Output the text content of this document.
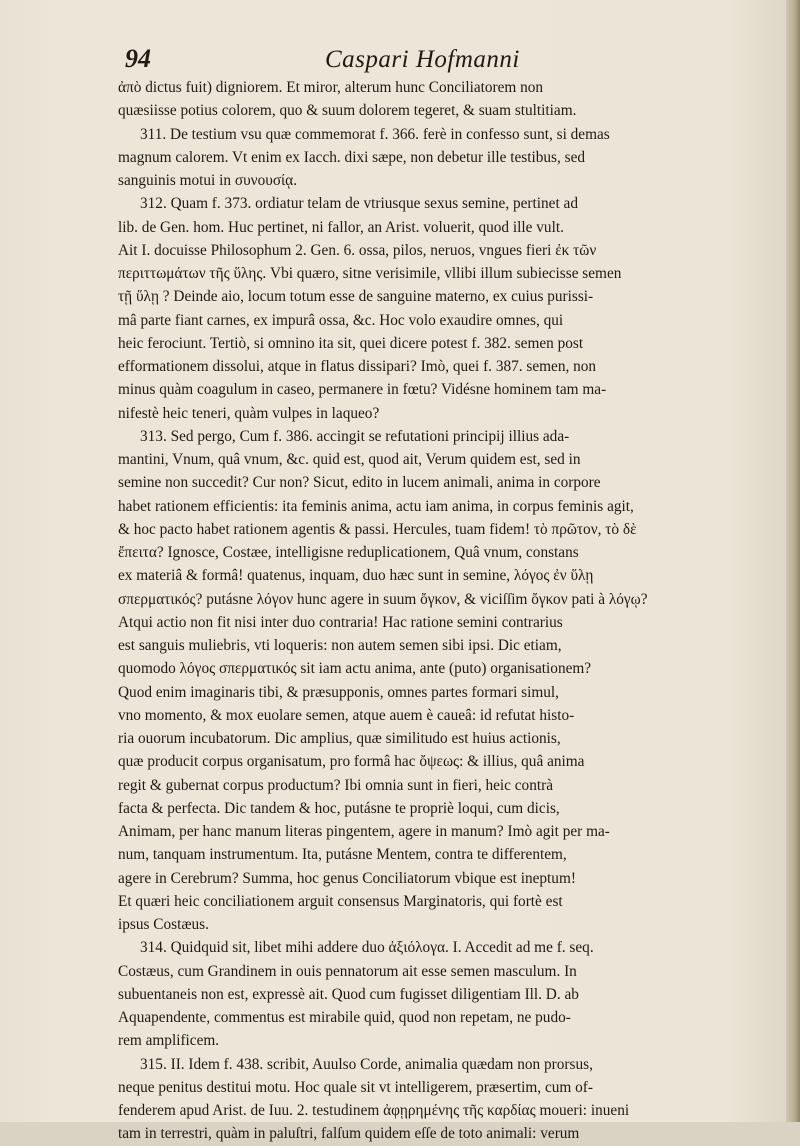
94	Caspari Hofmanni
ἀπὸ dictus fuit) digniorem. Et miror, alterum hunc Conciliatorem non
quæsiisse potius colorem, quo & suum dolorem tegeret, & suam stultitiam.
311. De testium vsu quæ commemorat f. 366. ferè in confesso sunt, si demas
magnum calorem. Vt enim ex Iacch. dixi sæpe, non debetur ille testibus, sed
sanguinis motui in συνουσίᾳ.
312. Quam f. 373. ordiatur telam de vtriusque sexus semine, pertinet ad
lib. de Gen. hom. Huc pertinet, ni fallor, an Arist. voluerit, quod ille vult.
Ait I. docuisse Philosophum 2. Gen. 6. ossa, pilos, neruos, vngues fieri ἐκ τῶν
περιττωμάτων τῆς ὕλης. Vbi quæro, sitne verisimile, vllibi illum subiecisse semen
τῇ ὕλῃ ? Deinde aio, locum totum esse de sanguine materno, ex cuius purissi-
mâ parte fiant carnes, ex impurâ ossa, &c. Hoc volo exaudire omnes, qui
heic ferociunt. Tertiò, si omnino ita sit, quei dicere potest f. 382. semen post
efformationem dissolui, atque in flatus dissipari? Imò, quei f. 387. semen, non
minus quàm coagulum in caseo, permanere in fœtu? Vidésne hominem tam ma-
nifestè heic teneri, quàm vulpes in laqueo?
313. Sed pergo, Cum f. 386. accingit se refutationi principij illius ada-
mantini, Vnum, quâ vnum, &c. quid est, quod ait, Verum quidem est, sed in
semine non succedit? Cur non? Sicut, edito in lucem animali, anima in corpore
habet rationem efficientis: ita feminis anima, actu iam anima, in corpus feminis agit,
& hoc pacto habet rationem agentis & passi. Hercules, tuam fidem! τὸ πρῶτον, τὸ δὲ
ἔπειτα? Ignosce, Costæe, intelligisne reduplicationem, Quâ vnum, constans
ex materiâ & formâ! quatenus, inquam, duo hæc sunt in semine, λόγος ἐν ὕλῃ
σπερματικός? putásne λόγον hunc agere in suum ὄγκον, & viciſſim ὄγκον pati à λόγῳ?
Atqui actio non fit nisi inter duo contraria! Hac ratione semini contrarius
est sanguis muliebris, vti loqueris: non autem semen sibi ipsi. Dic etiam,
quomodo λόγος σπερματικός sit iam actu anima, ante (puto) organisationem?
Quod enim imaginaris tibi, & præsupponis, omnes partes formari simul,
vno momento, & mox euolare semen, atque auem è caueâ: id refutat histo-
ria ouorum incubatorum. Dic amplius, quæ similitudo est huius actionis,
quæ producit corpus organisatum, pro formâ hac ὄψεως: & illius, quâ anima
regit & gubernat corpus productum? Ibi omnia sunt in fieri, heic contrà
facta & perfecta. Dic tandem & hoc, putásne te propriè loqui, cum dicis,
Animam, per hanc manum literas pingentem, agere in manum? Imò agit per ma-
num, tanquam instrumentum. Ita, putásne Mentem, contra te differentem,
agere in Cerebrum? Summa, hoc genus Conciliatorum vbique est ineptum!
Et quæri heic conciliationem arguit consensus Marginatoris, qui fortè est
ipsus Costæus.
314. Quidquid sit, libet mihi addere duo ἀξιόλογα. I. Accedit ad me f. seq.
Costæus, cum Grandinem in ouis pennatorum ait esse semen masculum. In
subuentaneis non est, expressè ait. Quod cum fugisset diligentiam Ill. D. ab
Aquapendente, commentus est mirabile quid, quod non repetam, ne pudo-
rem amplificem.
315. II. Idem f. 438. scribit, Auulso Corde, animalia quædam non prorsus,
neque penitus destitui motu. Hoc quale sit vt intelligerem, præsertim, cum of-
fenderem apud Arist. de Iuu. 2. testudinem ἀφῃρημένης τῆς καρδίας moueri: inueni
tam in terrestri, quàm in paluſtri, falſum quidem eſſe de toto animali: verum
